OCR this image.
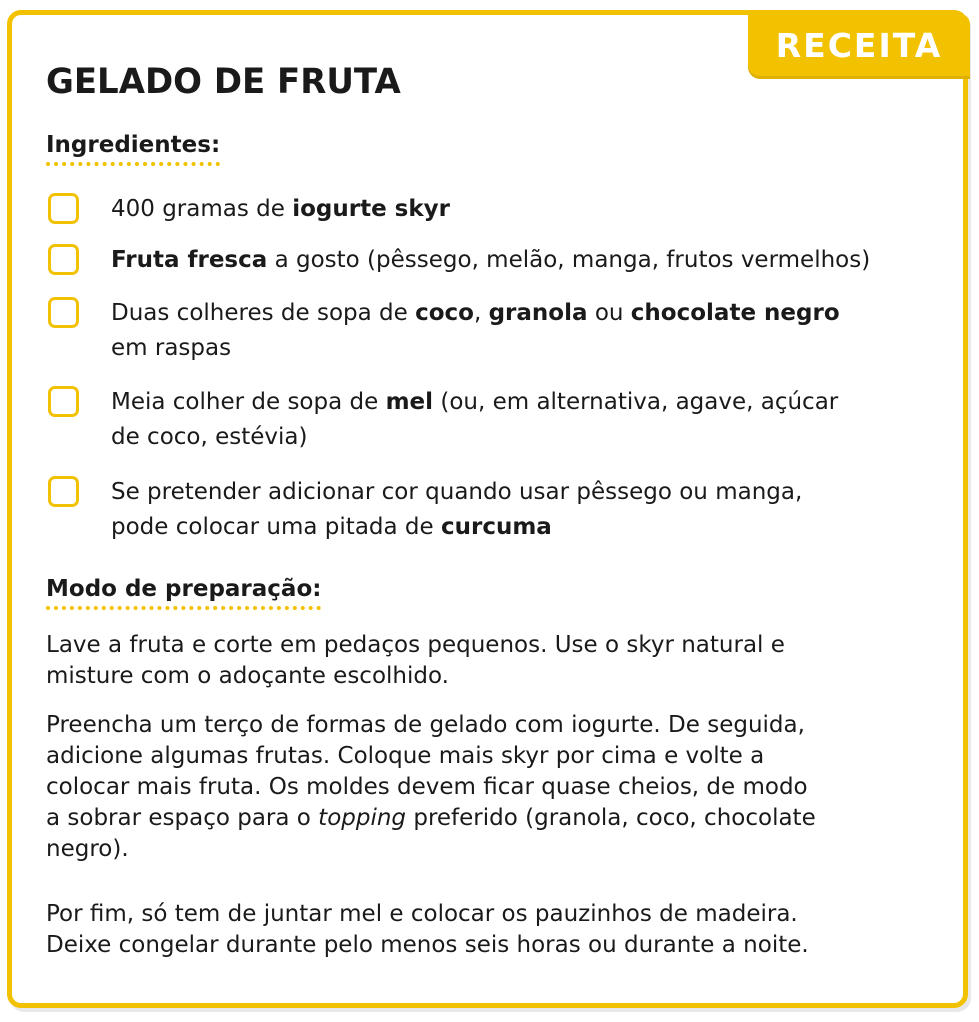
RECEITA
GELADO DE FRUTA
Ingredientes:
400 gramas de iogurte skyr
Fruta fresca a gosto (pêssego, melão, manga, frutos vermelhos)
Duas colheres de sopa de coco, granola ou chocolate negro
em raspas
Meia colher de sopa de mel (ou, em alternativa, agave, açúcar
de coco, estévia)
Se pretender adicionar cor quando usar pêssego ou manga,
pode colocar uma pitada de curcuma
Modo de preparação:
Lave a fruta e corte em pedaços pequenos. Use o skyr natural e
misture com o adoçante escolhido.
Preencha um terço de formas de gelado com iogurte. De seguida,
adicione algumas frutas. Coloque mais skyr por cima e volte a
colocar mais fruta. Os moldes devem ficar quase cheios, de modo
a sobrar espaço para o topping preferido (granola, coco, chocolate
negro).
Por fim, só tem de juntar mel e colocar os pauzinhos de madeira.
Deixe congelar durante pelo menos seis horas ou durante a noite.
